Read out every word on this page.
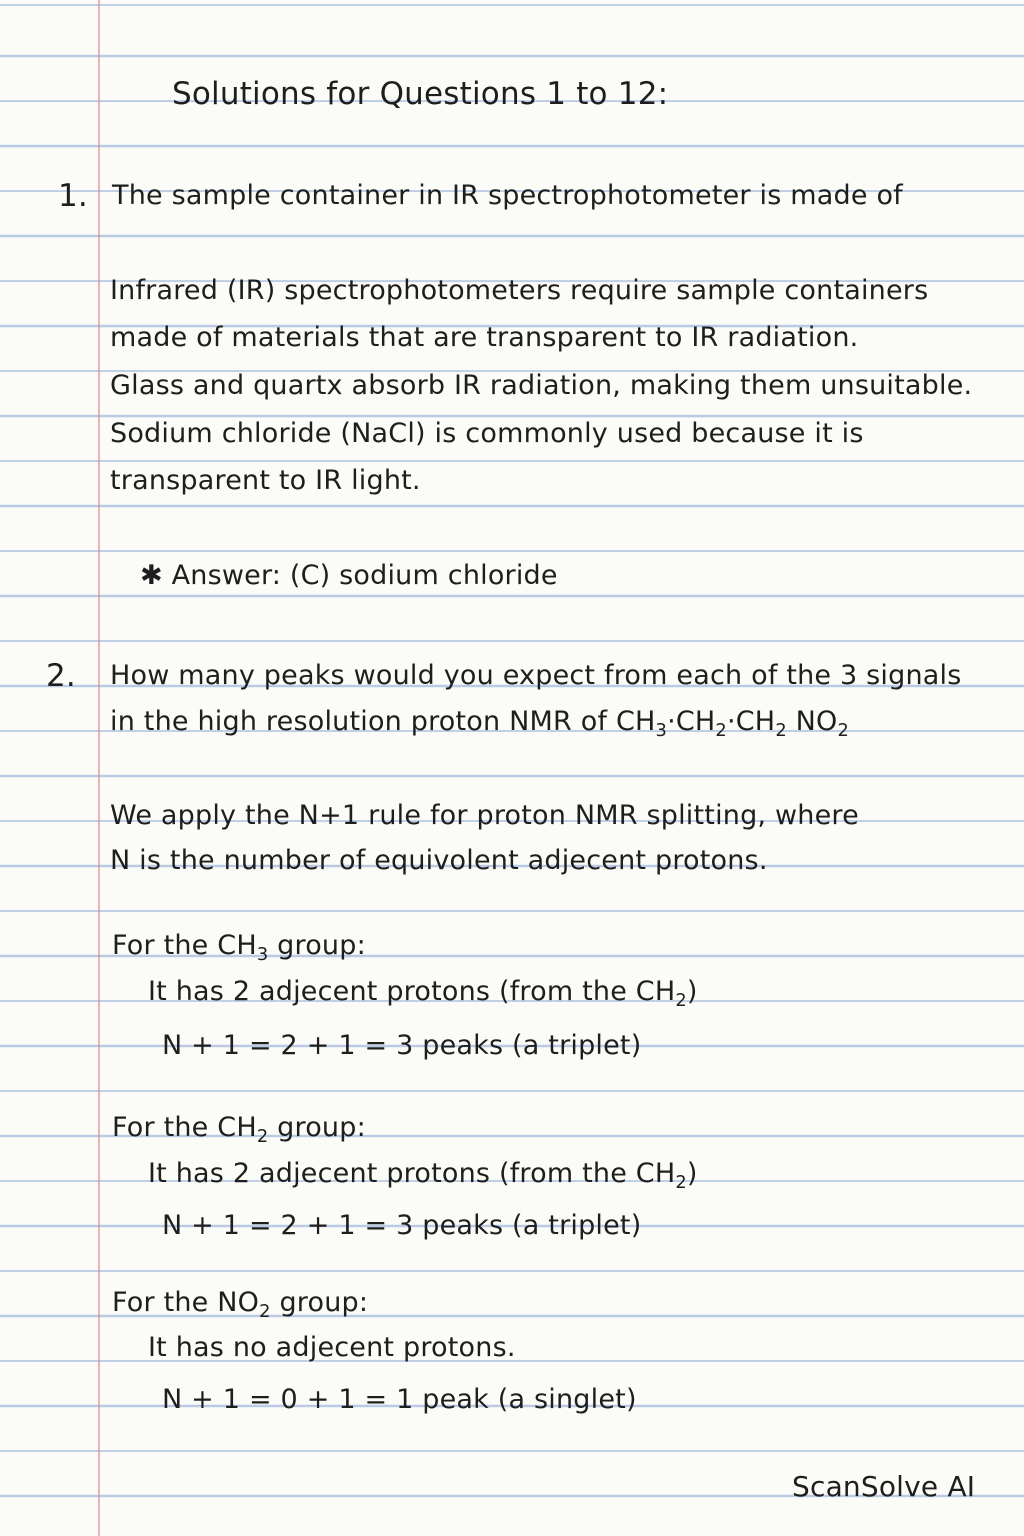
Solutions for Questions 1 to 12:
1. The sample container in IR spectrophotometer is made of
Infrared (IR) spectrophotometers require sample containers
made of materials that are transparent to IR radiation.
Glass and quartx absorb IR radiation, making them unsuitable.
Sodium chloride (NaCl) is commonly used because it is
transparent to IR light.
✱ Answer: (C) sodium chloride
2. How many peaks would you expect from each of the 3 signals
in the high resolution proton NMR of $CH_3\cdot CH_2\cdot CH_2$ $NO_2$
We apply the N+1 rule for proton NMR splitting, where
N is the number of equivolent adjecent protons.
For the $CH_3$ group:
It has 2 adjecent protons (from the $CH_2$)
N + 1 = 2 + 1 = 3 peaks (a triplet)
For the $CH_2$ group:
It has 2 adjecent protons (from the $CH_2$)
N + 1 = 2 + 1 = 3 peaks (a triplet)
For the $NO_2$ group:
It has no adjecent protons.
N + 1 = 0 + 1 = 1 peak (a singlet)
ScanSolve AI
